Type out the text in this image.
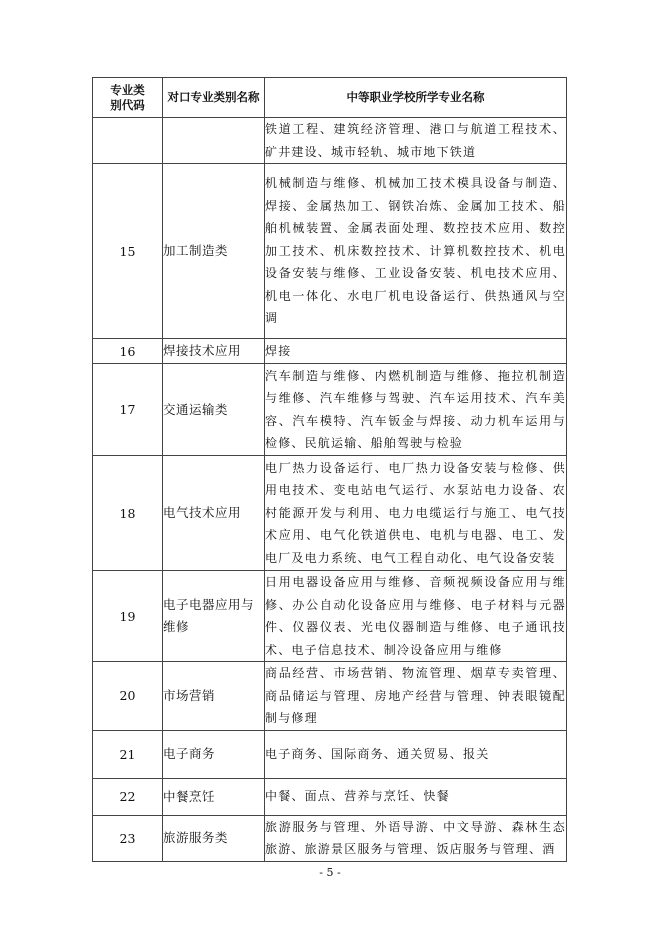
专业类别代码	对口专业类别名称	中等职业学校所学专业名称
		铁道工程、建筑经济管理、港口与航道工程技术、矿井建设、城市轻轨、城市地下铁道
15	加工制造类	机械制造与维修、机械加工技术模具设备与制造、焊接、金属热加工、钢铁冶炼、金属加工技术、船舶机械装置、金属表面处理、数控技术应用、数控加工技术、机床数控技术、计算机数控技术、机电设备安装与维修、工业设备安装、机电技术应用、机电一体化、水电厂机电设备运行、供热通风与空调
16	焊接技术应用	焊接
17	交通运输类	汽车制造与维修、内燃机制造与维修、拖拉机制造与维修、汽车维修与驾驶、汽车运用技术、汽车美容、汽车模特、汽车钣金与焊接、动力机车运用与检修、民航运输、船舶驾驶与检验
18	电气技术应用	电厂热力设备运行、电厂热力设备安装与检修、供用电技术、变电站电气运行、水泵站电力设备、农村能源开发与利用、电力电缆运行与施工、电气技术应用、电气化铁道供电、电机与电器、电工、发电厂及电力系统、电气工程自动化、电气设备安装
19	电子电器应用与维修	日用电器设备应用与维修、音频视频设备应用与维修、办公自动化设备应用与维修、电子材料与元器件、仪器仪表、光电仪器制造与维修、电子通讯技术、电子信息技术、制冷设备应用与维修
20	市场营销	商品经营、市场营销、物流管理、烟草专卖管理、商品储运与管理、房地产经营与管理、钟表眼镜配制与修理
21	电子商务	电子商务、国际商务、通关贸易、报关
22	中餐烹饪	中餐、面点、营养与烹饪、快餐
23	旅游服务类	旅游服务与管理、外语导游、中文导游、森林生态旅游、旅游景区服务与管理、饭店服务与管理、酒
- 5 -
